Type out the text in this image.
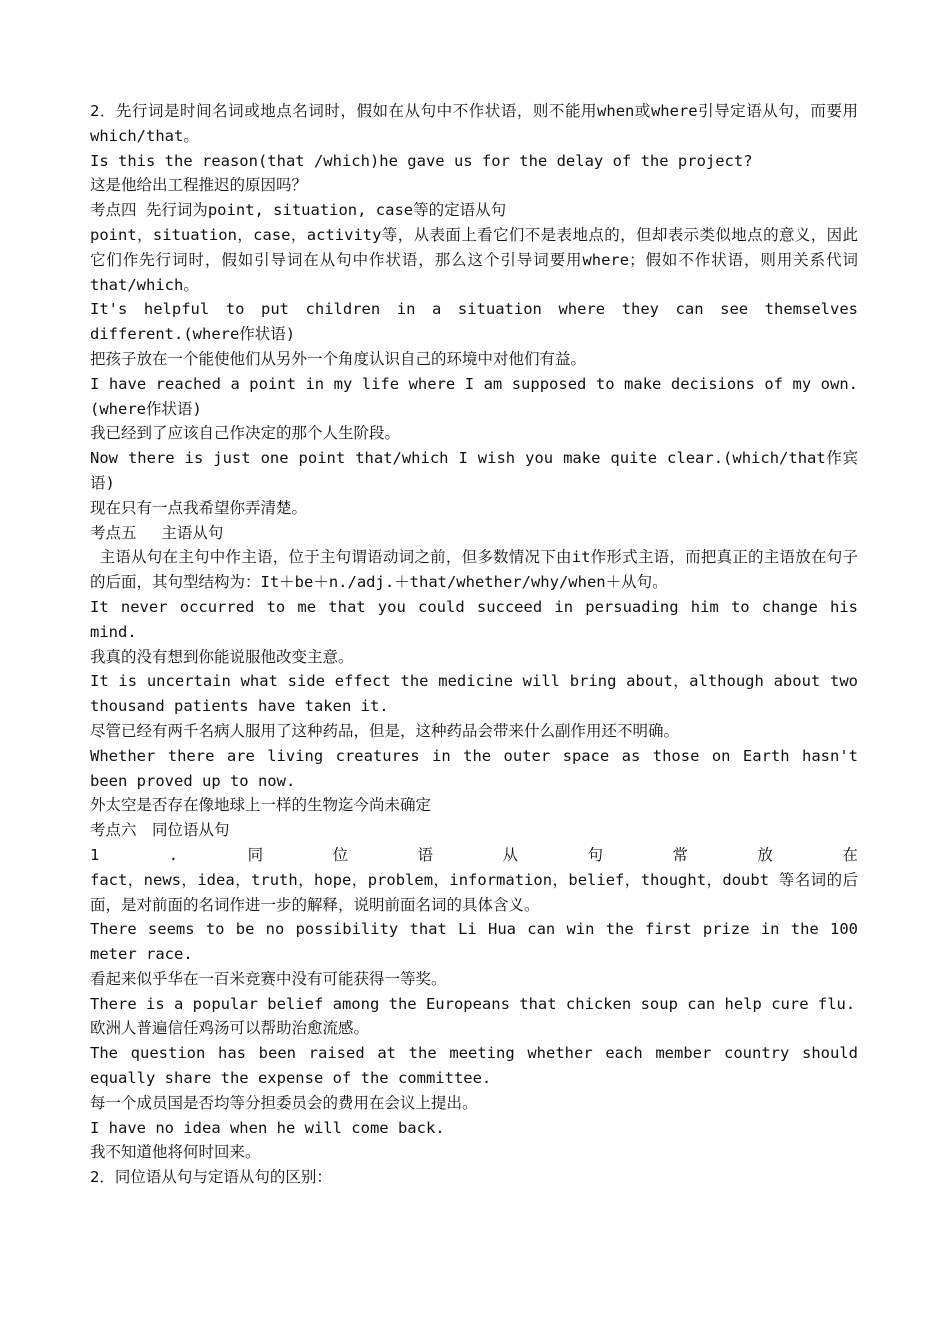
2．先行词是时间名词或地点名词时，假如在从句中不作状语，则不能用when或where引导定语从句，而要用which/that。

Is this the reason(that /which)he gave us for the delay of the project?

这是他给出工程推迟的原因吗？

考点四 先行词为point, situation, case等的定语从句

point，situation，case，activity等，从表面上看它们不是表地点的，但却表示类似地点的意义，因此它们作先行词时，假如引导词在从句中作状语，那么这个引导词要用where；假如不作状语，则用关系代词that/which。

It's helpful to put children in a situation where they can see themselves different.(where作状语)

把孩子放在一个能使他们从另外一个角度认识自己的环境中对他们有益。

I have reached a point in my life where I am supposed to make decisions of my own.(where作状语)

我已经到了应该自己作决定的那个人生阶段。

Now there is just one point that/which I wish you make quite clear.(which/that作宾语)

现在只有一点我希望你弄清楚。

考点五　 主语从句

主语从句在主句中作主语，位于主句谓语动词之前，但多数情况下由it作形式主语，而把真正的主语放在句子的后面，其句型结构为：It＋be＋n./adj.＋that/whether/why/when＋从句。

It never occurred to me that you could succeed in persuading him to change his mind.

我真的没有想到你能说服他改变主意。

It is uncertain what side effect the medicine will bring about，although about two thousand patients have taken it.

尽管已经有两千名病人服用了这种药品，但是，这种药品会带来什么副作用还不明确。

Whether there are living creatures in the outer space as those on Earth hasn't been proved up to now.

外太空是否存在像地球上一样的生物迄今尚未确定

考点六　同位语从句

1	.	同	位	语	从	句	常	放	在

fact，news，idea，truth，hope，problem，information，belief，thought，doubt 等名词的后面，是对前面的名词作进一步的解释，说明前面名词的具体含义。

There seems to be no possibility that Li Hua can win the first prize in the 100  meter race.

看起来似乎华在一百米竞赛中没有可能获得一等奖。

There is a popular belief among the Europeans that chicken soup can help cure flu.

欧洲人普遍信任鸡汤可以帮助治愈流感。

The question has been raised at the meeting whether each member country should equally share the expense of the committee.

每一个成员国是否均等分担委员会的费用在会议上提出。

I have no idea when he will come back.

我不知道他将何时回来。

2．同位语从句与定语从句的区别：
